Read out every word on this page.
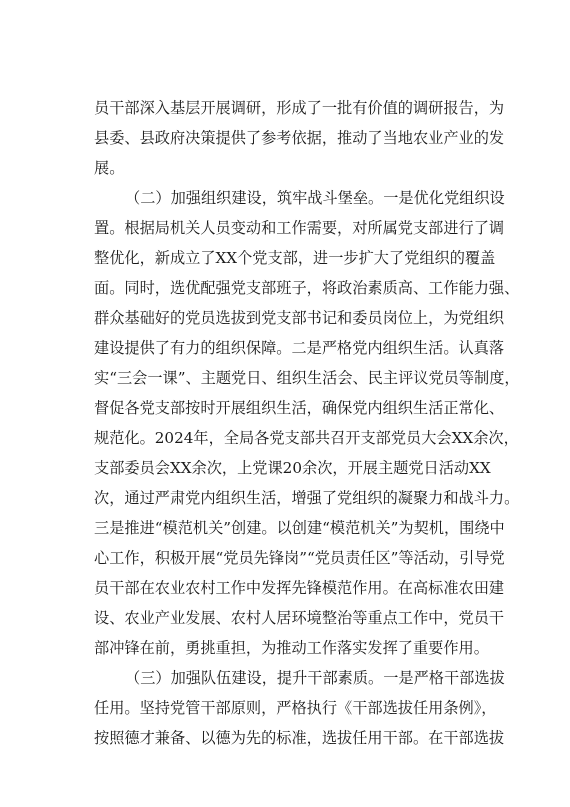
员干部深入基层开展调研，形成了一批有价值的调研报告，为
县委、县政府决策提供了参考依据，推动了当地农业产业的发
展。
（二）加强组织建设，筑牢战斗堡垒。一是优化党组织设
置。根据局机关人员变动和工作需要，对所属党支部进行了调
整优化，新成立了XX个党支部，进一步扩大了党组织的覆盖
面。同时，选优配强党支部班子，将政治素质高、工作能力强、
群众基础好的党员选拔到党支部书记和委员岗位上，为党组织
建设提供了有力的组织保障。二是严格党内组织生活。认真落
实“三会一课”、主题党日、组织生活会、民主评议党员等制度，
督促各党支部按时开展组织生活，确保党内组织生活正常化、
规范化。2024年，全局各党支部共召开支部党员大会XX余次，
支部委员会XX余次，上党课20余次，开展主题党日活动XX
次，通过严肃党内组织生活，增强了党组织的凝聚力和战斗力。
三是推进“模范机关”创建。以创建“模范机关”为契机，围绕中
心工作，积极开展“党员先锋岗”“党员责任区”等活动，引导党
员干部在农业农村工作中发挥先锋模范作用。在高标准农田建
设、农业产业发展、农村人居环境整治等重点工作中，党员干
部冲锋在前，勇挑重担，为推动工作落实发挥了重要作用。
（三）加强队伍建设，提升干部素质。一是严格干部选拔
任用。坚持党管干部原则，严格执行《干部选拔任用条例》，
按照德才兼备、以德为先的标准，选拔任用干部。在干部选拔
